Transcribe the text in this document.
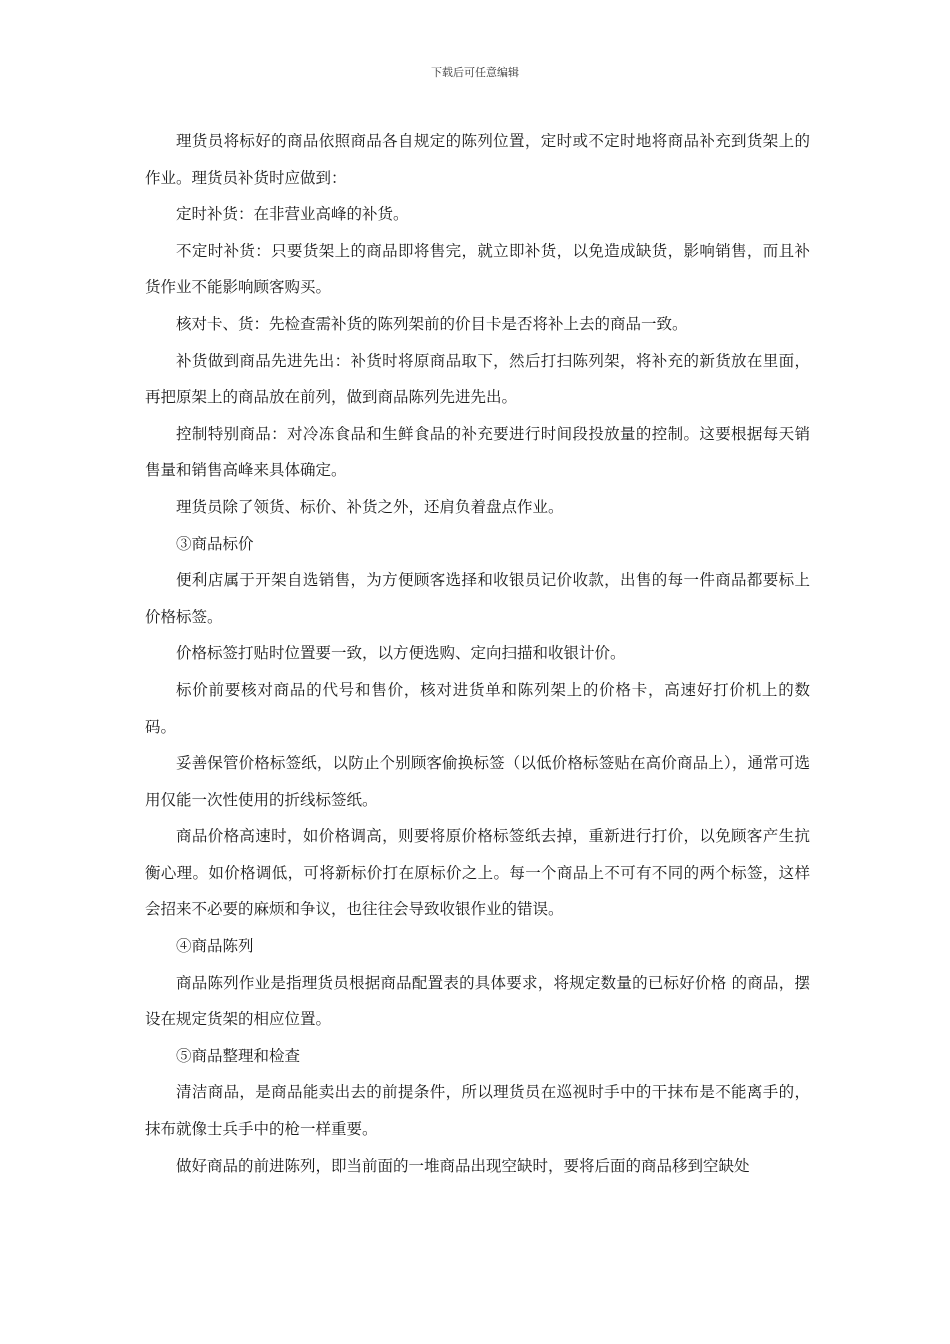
下载后可任意编辑

理货员将标好的商品依照商品各自规定的陈列位置，定时或不定时地将商品补充到货架上的作业。理货员补货时应做到：

定时补货：在非营业高峰的补货。

不定时补货：只要货架上的商品即将售完，就立即补货，以免造成缺货，影响销售，而且补货作业不能影响顾客购买。

核对卡、货：先检查需补货的陈列架前的价目卡是否将补上去的商品一致。

补货做到商品先进先出：补货时将原商品取下，然后打扫陈列架，将补充的新货放在里面，再把原架上的商品放在前列，做到商品陈列先进先出。

控制特别商品：对冷冻食品和生鲜食品的补充要进行时间段投放量的控制。这要根据每天销售量和销售高峰来具体确定。

理货员除了领货、标价、补货之外，还肩负着盘点作业。

③商品标价

便利店属于开架自选销售，为方便顾客选择和收银员记价收款，出售的每一件商品都要标上价格标签。

价格标签打贴时位置要一致，以方便选购、定向扫描和收银计价。

标价前要核对商品的代号和售价，核对进货单和陈列架上的价格卡，高速好打价机上的数码。

妥善保管价格标签纸，以防止个别顾客偷换标签（以低价格标签贴在高价商品上），通常可选用仅能一次性使用的折线标签纸。

商品价格高速时，如价格调高，则要将原价格标签纸去掉，重新进行打价，以免顾客产生抗衡心理。如价格调低，可将新标价打在原标价之上。每一个商品上不可有不同的两个标签，这样会招来不必要的麻烦和争议，也往往会导致收银作业的错误。

④商品陈列

商品陈列作业是指理货员根据商品配置表的具体要求，将规定数量的已标好价格 的商品，摆设在规定货架的相应位置。

⑤商品整理和检查

清洁商品，是商品能卖出去的前提条件，所以理货员在巡视时手中的干抹布是不能离手的，抹布就像士兵手中的枪一样重要。

做好商品的前进陈列，即当前面的一堆商品出现空缺时，要将后面的商品移到空缺处
